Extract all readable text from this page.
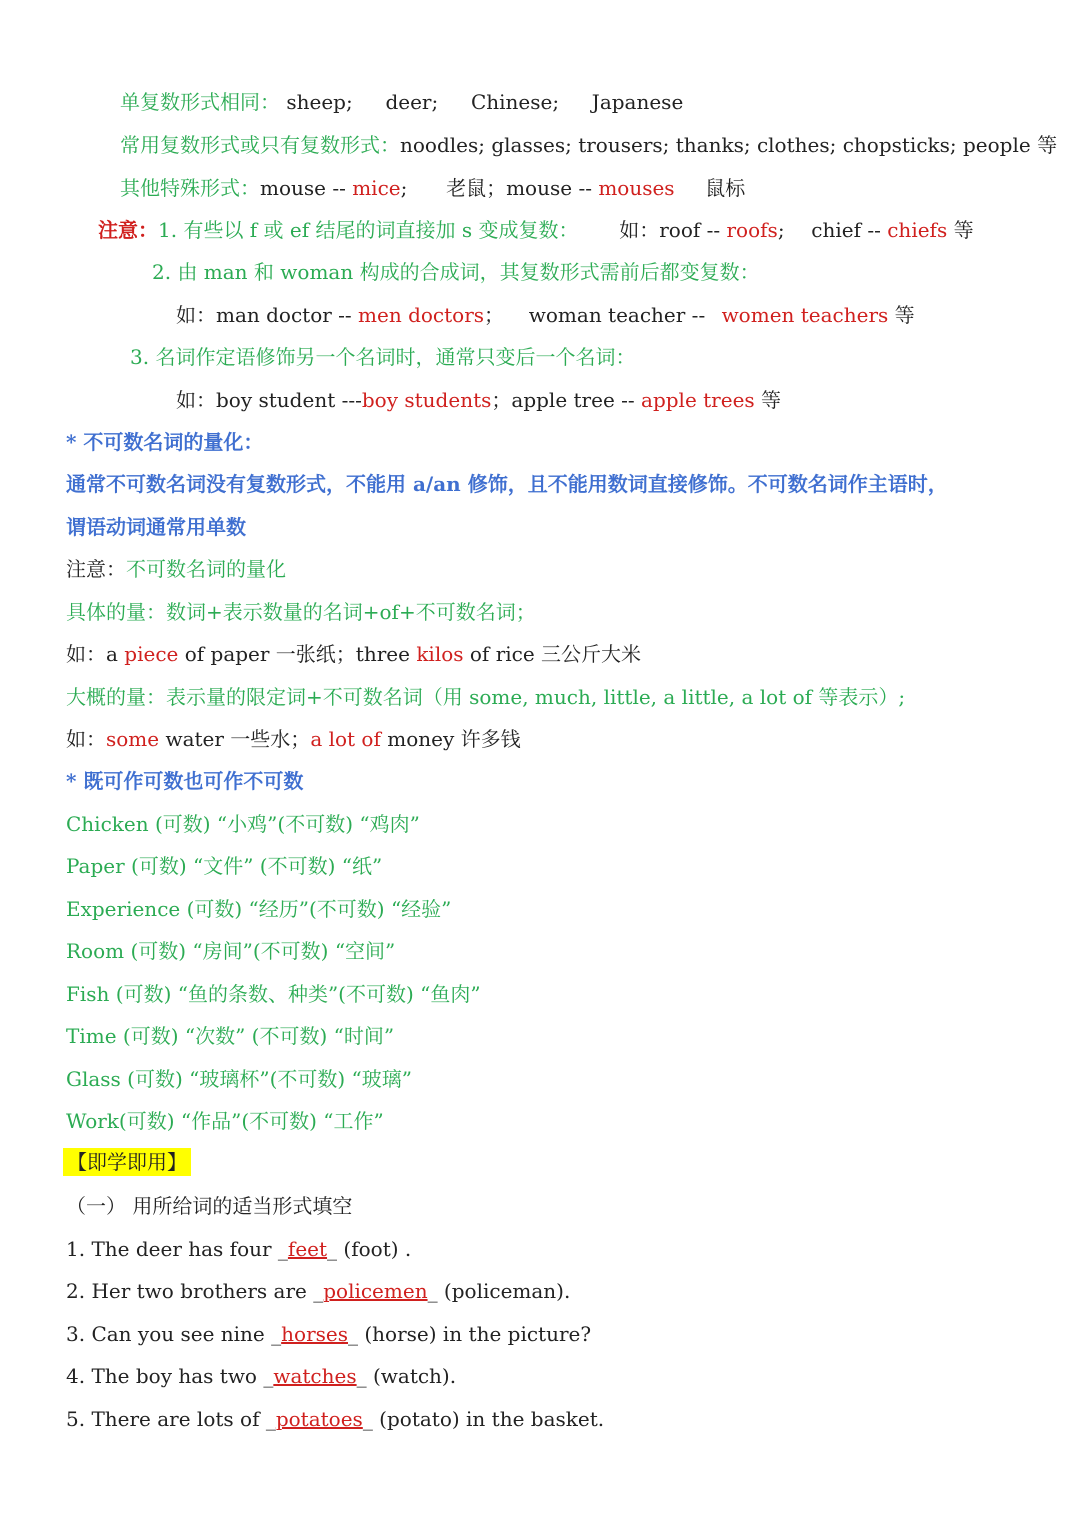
单复数形式相同： sheep; deer; Chinese; Japanese
常用复数形式或只有复数形式：noodles; glasses; trousers; thanks; clothes; chopsticks; people 等
其他特殊形式：mouse -- mice; 老鼠；mouse -- mouses 鼠标
注意：1. 有些以 f 或 ef 结尾的词直接加 s 变成复数： 如：roof -- roofs; chief -- chiefs 等
2. 由 man 和 woman 构成的合成词，其复数形式需前后都变复数：
如：man doctor -- men doctors； woman teacher -- women teachers 等
3. 名词作定语修饰另一个名词时，通常只变后一个名词：
如：boy student ---boy students；apple tree -- apple trees 等
* 不可数名词的量化：
通常不可数名词没有复数形式，不能用 a/an 修饰，且不能用数词直接修饰。不可数名词作主语时，
谓语动词通常用单数
注意：不可数名词的量化
具体的量：数词+表示数量的名词+of+不可数名词；
如：a piece of paper 一张纸；three kilos of rice 三公斤大米
大概的量：表示量的限定词+不可数名词（用 some, much, little, a little, a lot of 等表示）;
如：some water 一些水；a lot of money 许多钱
* 既可作可数也可作不可数
Chicken (可数) “小鸡”(不可数) “鸡肉”
Paper (可数) “文件” (不可数) “纸”
Experience (可数) “经历”(不可数) “经验”
Room (可数) “房间”(不可数) “空间”
Fish (可数) “鱼的条数、种类”(不可数) “鱼肉”
Time (可数) “次数” (不可数) “时间”
Glass (可数) “玻璃杯”(不可数) “玻璃”
Work(可数) “作品”(不可数) “工作”
【即学即用】
（一） 用所给词的适当形式填空
1. The deer has four _feet_ (foot) .
2. Her two brothers are _policemen_ (policeman).
3. Can you see nine _horses_ (horse) in the picture?
4. The boy has two _watches_ (watch).
5. There are lots of _potatoes_ (potato) in the basket.
